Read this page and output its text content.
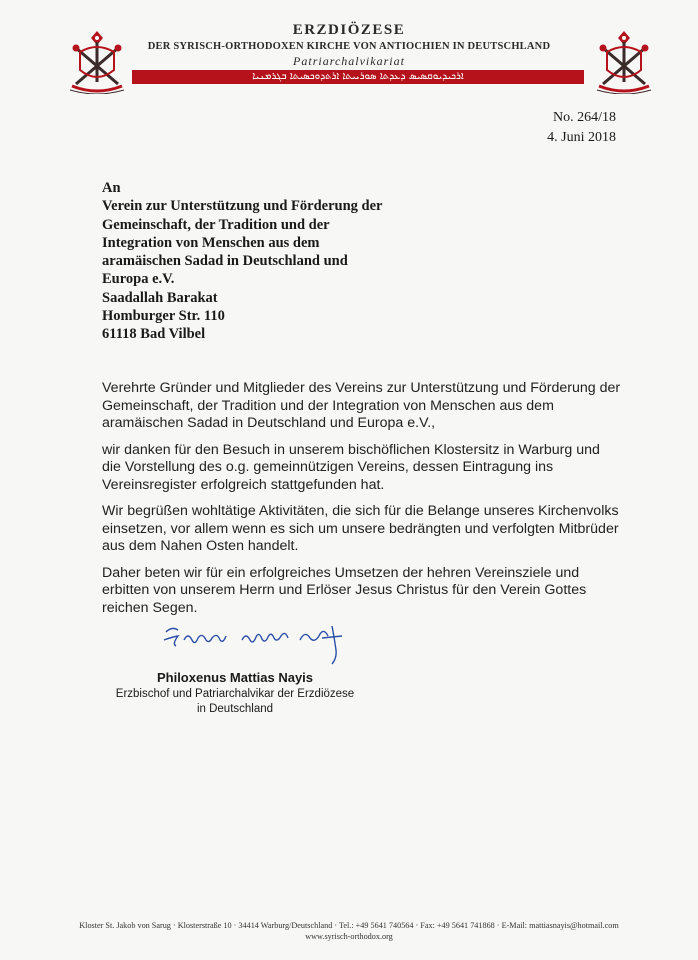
ERZDIÖZESE
DER SYRISCH-ORTHODOXEN KIRCHE VON ANTIOCHIEN IN DEUTSCHLAND
Patriarchalvikariat
ܐܪܟܝܕܝܘܩܣܝܣ ܕܥܕܬܐ ܣܘܪܝܝܬܐ ܐܪܬܕܘܟܣܝܬܐ ܒܓܪܡܢܝܐ
No. 264/18
4. Juni 2018
An
Verein zur Unterstützung und Förderung der
Gemeinschaft, der Tradition und der
Integration von Menschen aus dem
aramäischen Sadad in Deutschland und
Europa e.V.
Saadallah Barakat
Homburger Str. 110
61118 Bad Vilbel

Verehrte Gründer und Mitglieder des Vereins zur Unterstützung und Förderung der Gemeinschaft, der Tradition und der Integration von Menschen aus dem aramäischen Sadad in Deutschland und Europa e.V.,

wir danken für den Besuch in unserem bischöflichen Klostersitz in Warburg und die Vorstellung des o.g. gemeinnützigen Vereins, dessen Eintragung ins Vereinsregister erfolgreich stattgefunden hat.

Wir begrüßen wohltätige Aktivitäten, die sich für die Belange unseres Kirchenvolks einsetzen, vor allem wenn es sich um unsere bedrängten und verfolgten Mitbrüder aus dem Nahen Osten handelt.

Daher beten wir für ein erfolgreiches Umsetzen der hehren Vereinsziele und erbitten von unserem Herrn und Erlöser Jesus Christus für den Verein Gottes reichen Segen.

Philoxenus Mattias Nayis
Erzbischof und Patriarchalvikar der Erzdiözese
in Deutschland
Kloster St. Jakob von Sarug · Klosterstraße 10 · 34414 Warburg/Deutschland · Tel.: +49 5641 740564 · Fax: +49 5641 741868 · E-Mail: mattiasnayis@hotmail.com
www.syrisch-orthodox.org
